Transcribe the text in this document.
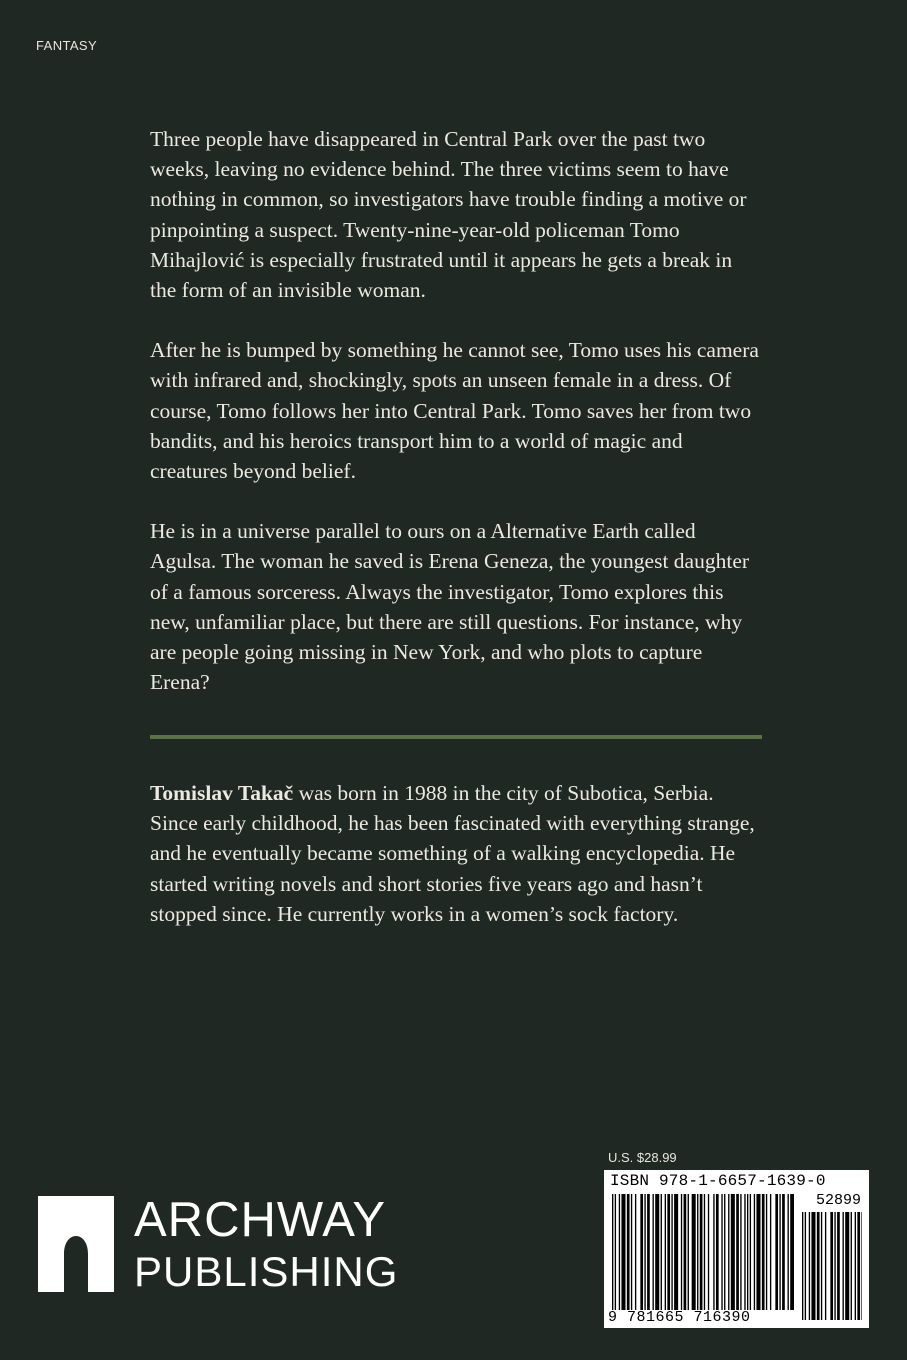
FANTASY

Three people have disappeared in Central Park over the past two weeks, leaving no evidence behind. The three victims seem to have nothing in common, so investigators have trouble finding a motive or pinpointing a suspect. Twenty-nine-year-old policeman Tomo Mihajlović is especially frustrated until it appears he gets a break in the form of an invisible woman.

After he is bumped by something he cannot see, Tomo uses his camera with infrared and, shockingly, spots an unseen female in a dress. Of course, Tomo follows her into Central Park. Tomo saves her from two bandits, and his heroics transport him to a world of magic and creatures beyond belief.

He is in a universe parallel to ours on a Alternative Earth called Agulsa. The woman he saved is Erena Geneza, the youngest daughter of a famous sorceress. Always the investigator, Tomo explores this new, unfamiliar place, but there are still questions. For instance, why are people going missing in New York, and who plots to capture Erena?

Tomislav Takač was born in 1988 in the city of Subotica, Serbia. Since early childhood, he has been fascinated with everything strange, and he eventually became something of a walking encyclopedia. He started writing novels and short stories five years ago and hasn’t stopped since. He currently works in a women’s sock factory.

ARCHWAY
PUBLISHING
U.S. $28.99
ISBN 978-1-6657-1639-0
52899
9 781665 716390
